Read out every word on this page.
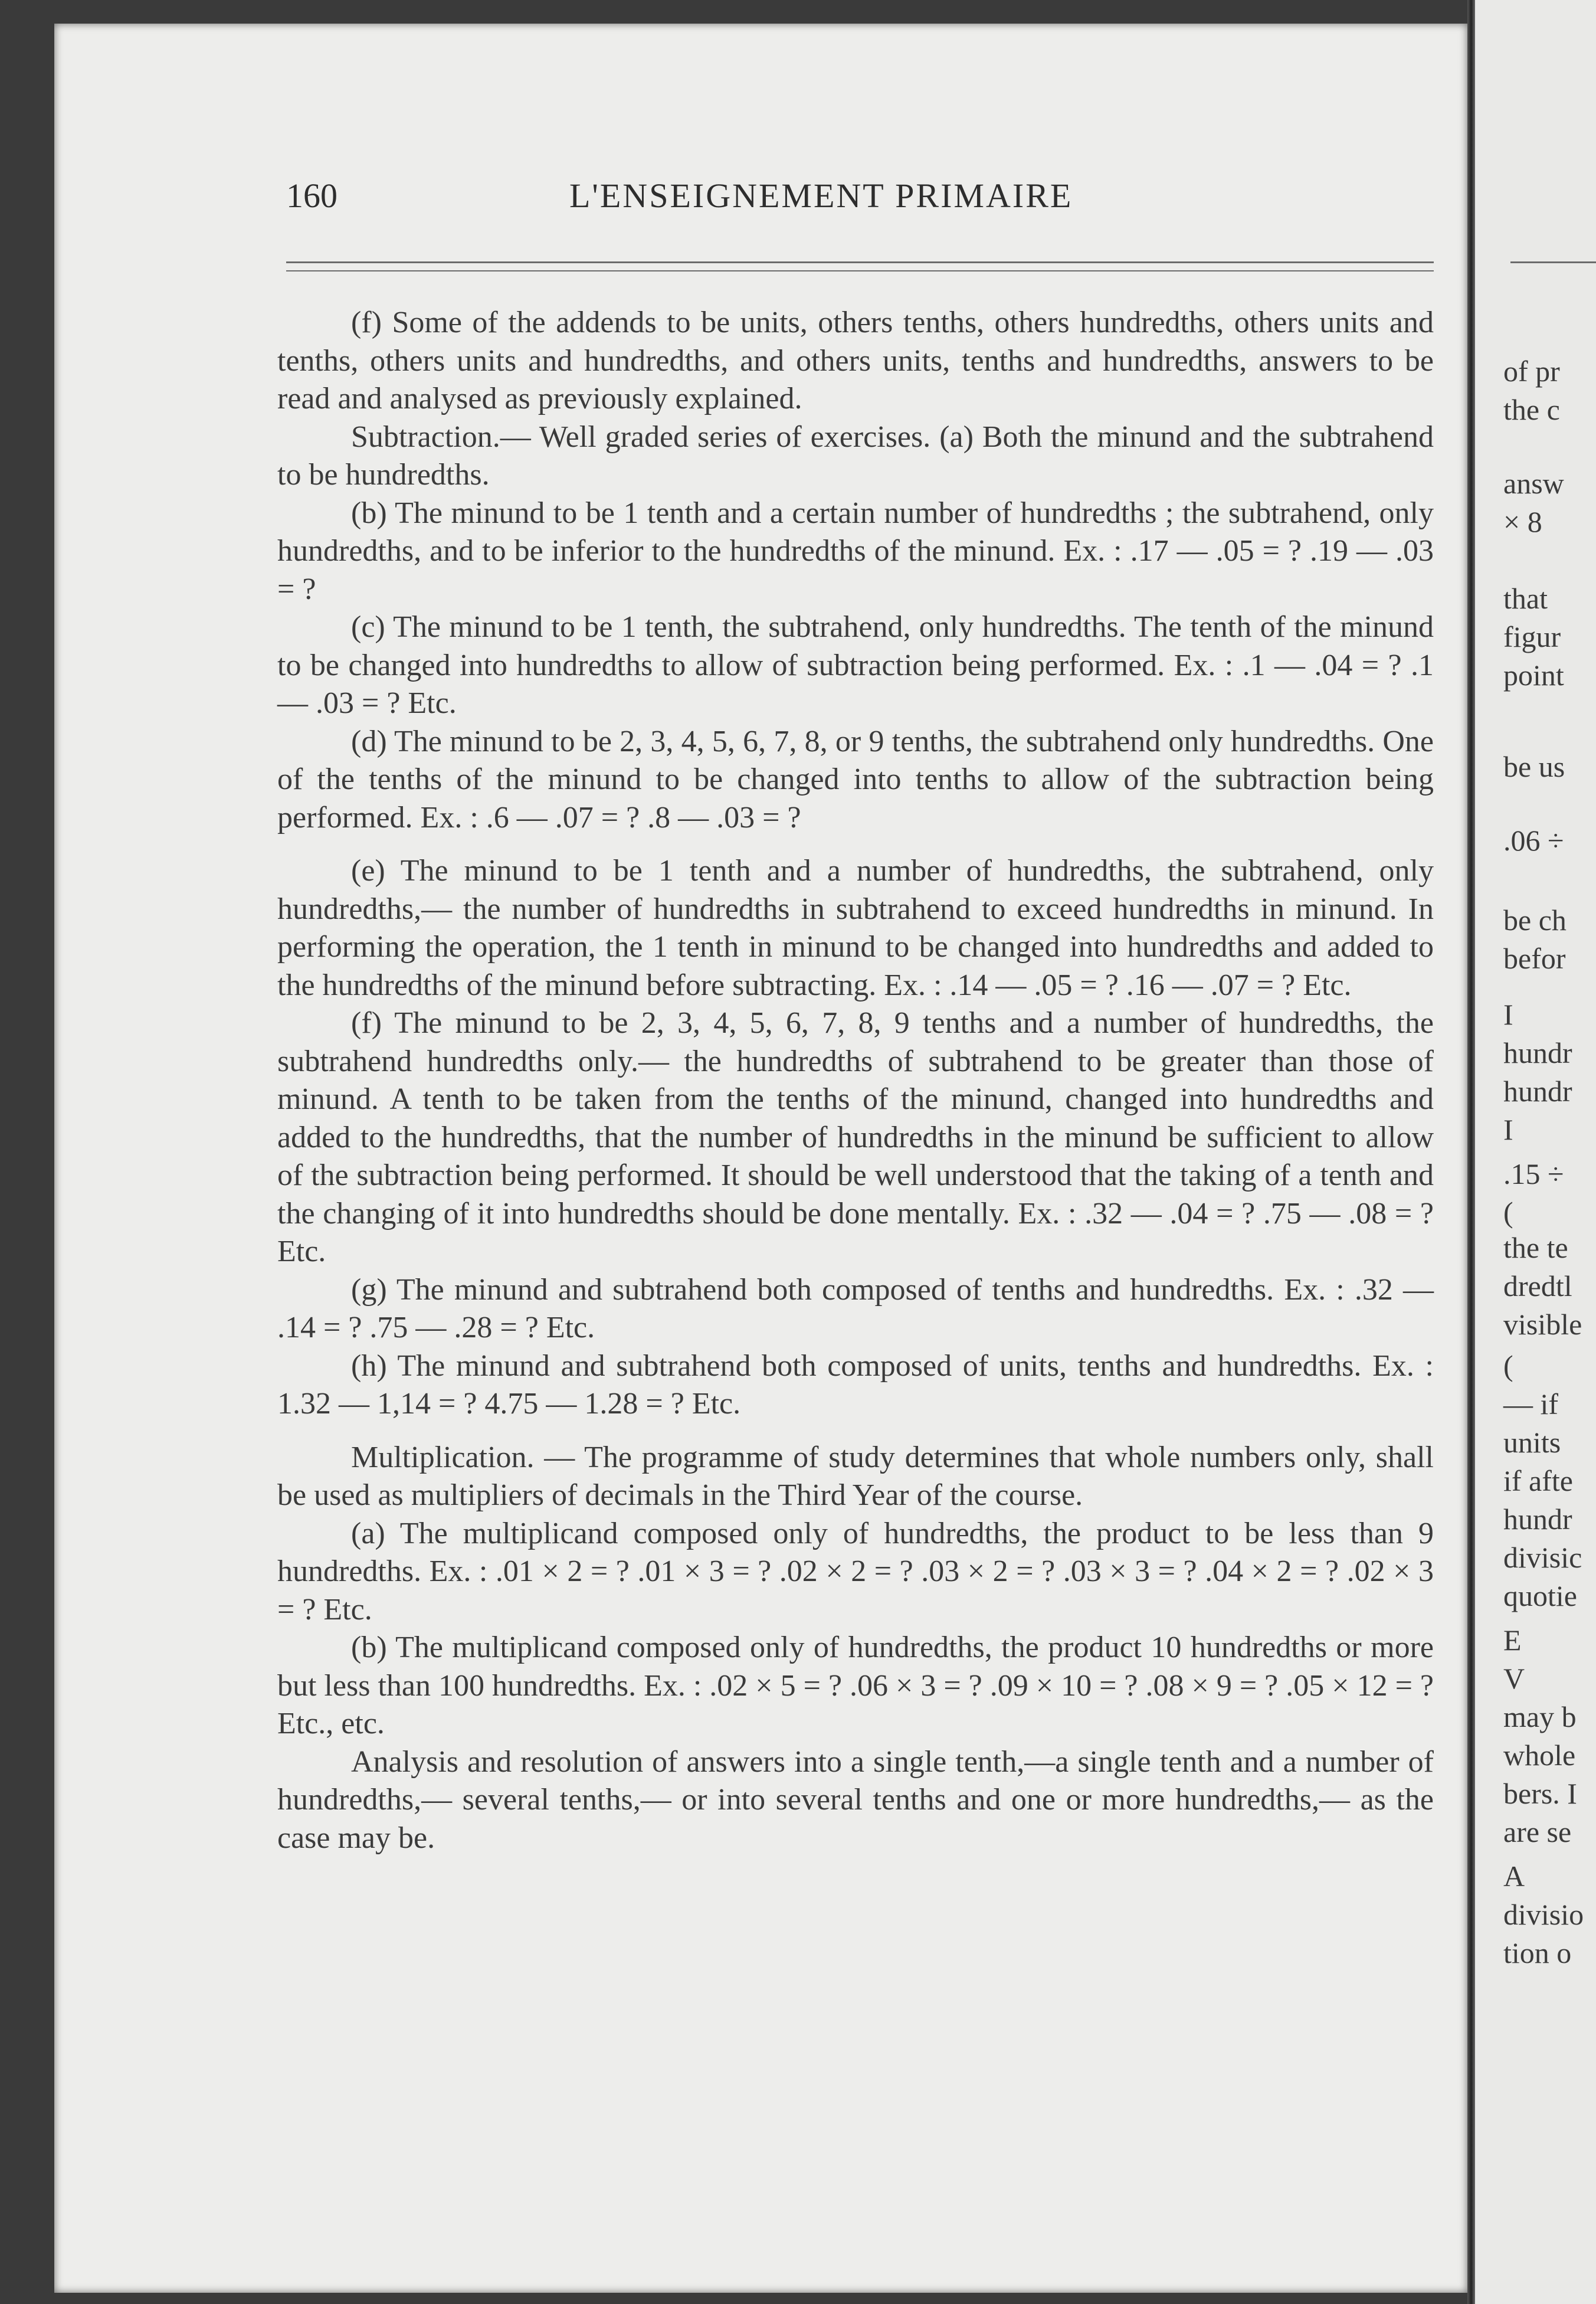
160	L'ENSEIGNEMENT PRIMAIRE

(f) Some of the addends to be units, others tenths, others hundredths, others units and tenths, others units and hundredths, and others units, tenths and hundredths, answers to be read and analysed as previously explained.

Subtraction.— Well graded series of exercises. (a) Both the minund and the subtrahend to be hundredths.

(b) The minund to be 1 tenth and a certain number of hundredths ; the subtrahend, only hundredths, and to be inferior to the hundredths of the minund. Ex. : .17 — .05 = ? .19 — .03 = ?

(c) The minund to be 1 tenth, the subtrahend, only hundredths. The tenth of the minund to be changed into hundredths to allow of subtraction being performed. Ex. : .1 — .04 = ? .1 — .03 = ? Etc.

(d) The minund to be 2, 3, 4, 5, 6, 7, 8, or 9 tenths, the subtrahend only hundredths. One of the tenths of the minund to be changed into tenths to allow of the subtraction being performed. Ex. : .6 — .07 = ? .8 — .03 = ?

(e) The minund to be 1 tenth and a number of hundredths, the subtrahend, only hundredths,— the number of hundredths in subtrahend to exceed hundredths in minund. In performing the operation, the 1 tenth in minund to be changed into hundredths and added to the hundredths of the minund before subtracting. Ex. : .14 — .05 = ? .16 — .07 = ? Etc.

(f) The minund to be 2, 3, 4, 5, 6, 7, 8, 9 tenths and a number of hundredths, the subtrahend hundredths only.— the hundredths of subtrahend to be greater than those of minund. A tenth to be taken from the tenths of the minund, changed into hundredths and added to the hundredths, that the number of hundredths in the minund be sufficient to allow of the subtraction being performed. It should be well understood that the taking of a tenth and the changing of it into hundredths should be done mentally. Ex. : .32 — .04 = ? .75 — .08 = ? Etc.

(g) The minund and subtrahend both composed of tenths and hundredths. Ex. : .32 — .14 = ? .75 — .28 = ? Etc.

(h) The minund and subtrahend both composed of units, tenths and hundredths. Ex. : 1.32 — 1,14 = ? 4.75 — 1.28 = ? Etc.

Multiplication. — The programme of study determines that whole numbers only, shall be used as multipliers of decimals in the Third Year of the course.

(a) The multiplicand composed only of hundredths, the product to be less than 9 hundredths. Ex. : .01 × 2 = ? .01 × 3 = ? .02 × 2 = ? .03 × 2 = ? .03 × 3 = ? .04 × 2 = ? .02 × 3 = ? Etc.

(b) The multiplicand composed only of hundredths, the product 10 hundredths or more but less than 100 hundredths. Ex. : .02 × 5 = ? .06 × 3 = ? .09 × 10 = ? .08 × 9 = ? .05 × 12 = ? Etc., etc.

Analysis and resolution of answers into a single tenth,—a single tenth and a number of hundredths,— several tenths,— or into several tenths and one or more hundredths,— as the case may be.

of pr
the c
answ
× 8
that
figur
point
be us
.06 ÷
be ch
befor
I
hundr
hundr
I
.15 ÷
(
the te
dredtl
visible
(
— if
units
if afte
hundr
divisic
quotie
E
V
may b
whole
bers. I
are se
A
divisio
tion o
